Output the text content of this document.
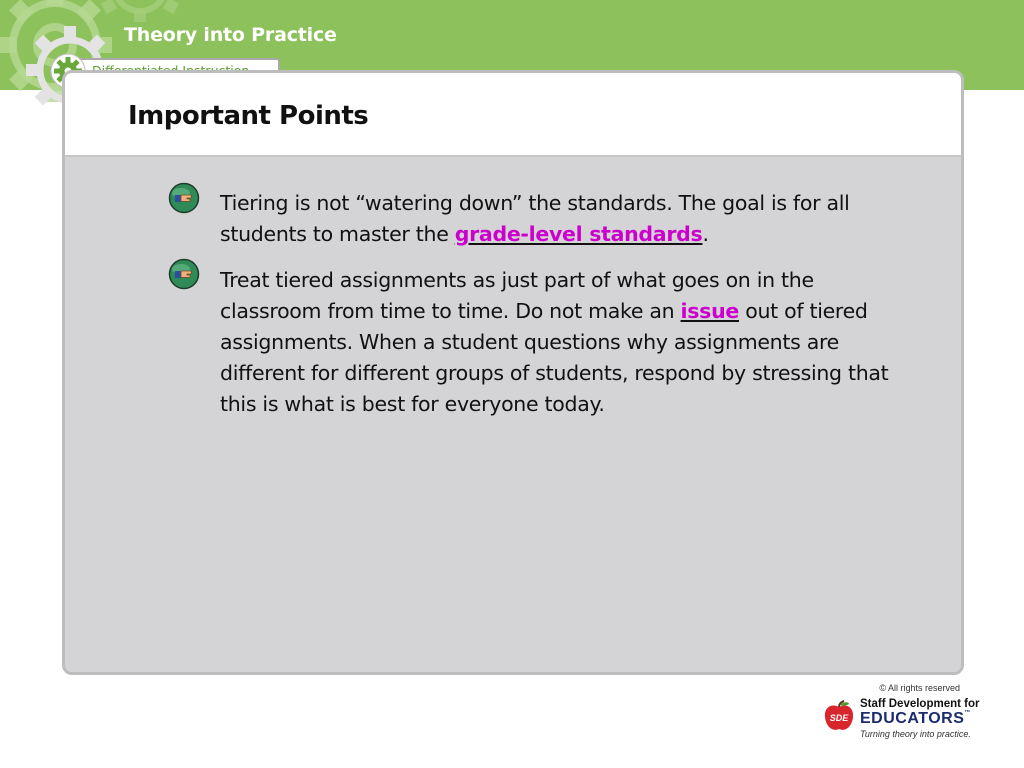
Theory into Practice
Important Points
Tiering is not “watering down” the standards. The goal is for all students to master the grade-level standards.
Treat tiered assignments as just part of what goes on in the classroom from time to time. Do not make an issue out of tiered assignments. When a student questions why assignments are different for different groups of students, respond by stressing that this is what is best for everyone today.
© All rights reserved
SDE
Staff Development for
EDUCATORS™
Turning theory into practice.
